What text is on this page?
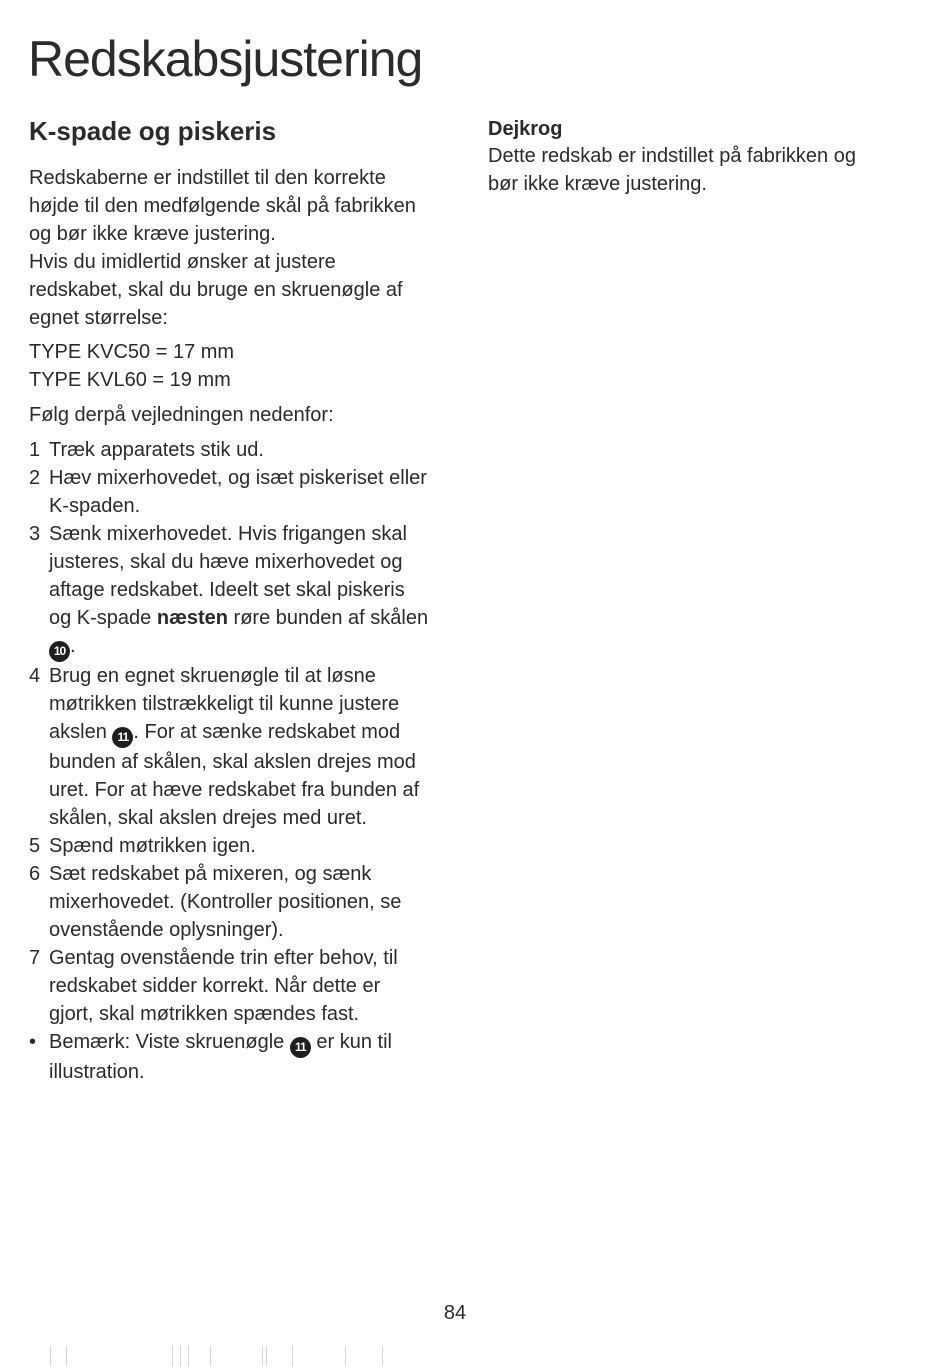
Redskabsjustering
K-spade og piskeris

Redskaberne er indstillet til den korrekte højde til den medfølgende skål på fabrikken og bør ikke kræve justering.

Hvis du imidlertid ønsker at justere redskabet, skal du bruge en skruenøgle af egnet størrelse:

TYPE KVC50 = 17 mm

TYPE KVL60 = 19 mm

Følg derpå vejledningen nedenfor:

1 Træk apparatets stik ud.
2 Hæv mixerhovedet, og isæt piskeriset eller K-spaden.
3 Sænk mixerhovedet. Hvis frigangen skal justeres, skal du hæve mixerhovedet og aftage redskabet. Ideelt set skal piskeris og K-spade næsten røre bunden af skålen 10 .
4 Brug en egnet skruenøgle til at løsne møtrikken tilstrækkeligt til kunne justere akslen 11 . For at sænke redskabet mod bunden af skålen, skal akslen drejes mod uret. For at hæve redskabet fra bunden af skålen, skal akslen drejes med uret.
5 Spænd møtrikken igen.
6 Sæt redskabet på mixeren, og sænk mixerhovedet. (Kontroller positionen, se ovenstående oplysninger).
7 Gentag ovenstående trin efter behov, til redskabet sidder korrekt. Når dette er gjort, skal møtrikken spændes fast.
• Bemærk: Viste skruenøgle 11 er kun til illustration.
Dejkrog

Dette redskab er indstillet på fabrikken og bør ikke kræve justering.

84
